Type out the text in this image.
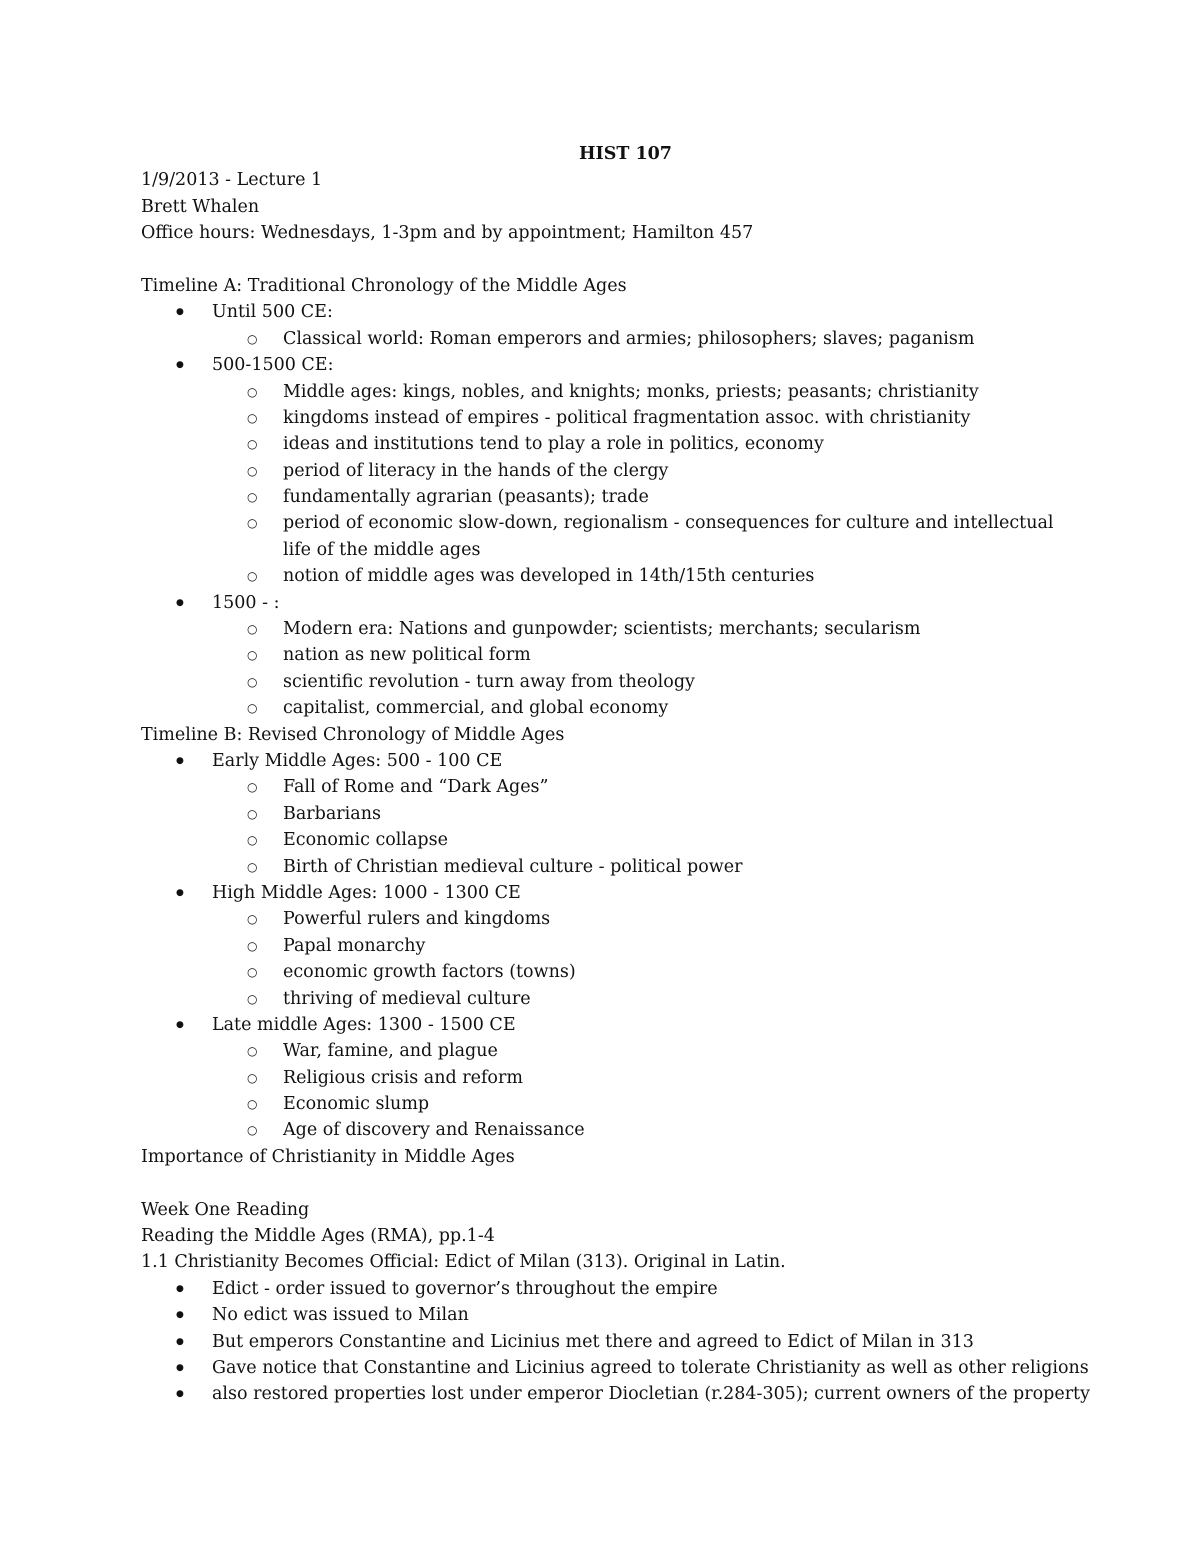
HIST 107
1/9/2013 - Lecture 1
Brett Whalen
Office hours: Wednesdays, 1-3pm and by appointment; Hamilton 457
Timeline A: Traditional Chronology of the Middle Ages
● Until 500 CE:
○ Classical world: Roman emperors and armies; philosophers; slaves; paganism
● 500-1500 CE:
○ Middle ages: kings, nobles, and knights; monks, priests; peasants; christianity
○ kingdoms instead of empires - political fragmentation assoc. with christianity
○ ideas and institutions tend to play a role in politics, economy
○ period of literacy in the hands of the clergy
○ fundamentally agrarian (peasants); trade
○ period of economic slow-down, regionalism - consequences for culture and intellectual life of the middle ages
○ notion of middle ages was developed in 14th/15th centuries
● 1500 - :
○ Modern era: Nations and gunpowder; scientists; merchants; secularism
○ nation as new political form
○ scientific revolution - turn away from theology
○ capitalist, commercial, and global economy
Timeline B: Revised Chronology of Middle Ages
● Early Middle Ages: 500 - 100 CE
○ Fall of Rome and “Dark Ages”
○ Barbarians
○ Economic collapse
○ Birth of Christian medieval culture - political power
● High Middle Ages: 1000 - 1300 CE
○ Powerful rulers and kingdoms
○ Papal monarchy
○ economic growth factors (towns)
○ thriving of medieval culture
● Late middle Ages: 1300 - 1500 CE
○ War, famine, and plague
○ Religious crisis and reform
○ Economic slump
○ Age of discovery and Renaissance
Importance of Christianity in Middle Ages
Week One Reading
Reading the Middle Ages (RMA), pp.1-4
1.1 Christianity Becomes Official: Edict of Milan (313). Original in Latin.
● Edict - order issued to governor’s throughout the empire
● No edict was issued to Milan
● But emperors Constantine and Licinius met there and agreed to Edict of Milan in 313
● Gave notice that Constantine and Licinius agreed to tolerate Christianity as well as other religions
● also restored properties lost under emperor Diocletian (r.284-305); current owners of the property
